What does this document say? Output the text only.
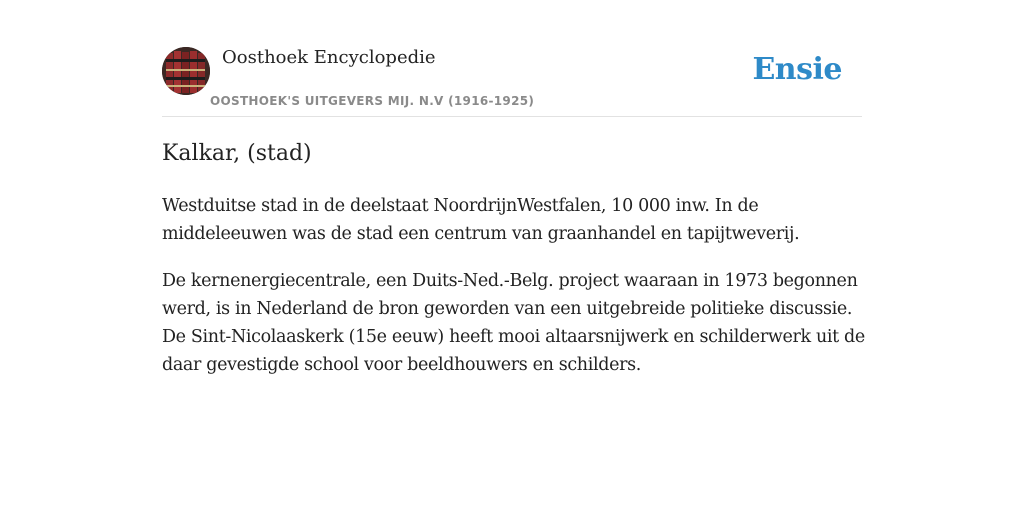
Oosthoek Encyclopedie
OOSTHOEK'S UITGEVERS MIJ. N.V (1916-1925)
Ensie
Kalkar, (stad)

Westduitse stad in de deelstaat NoordrijnWestfalen, 10 000 inw. In de middeleeuwen was de stad een centrum van graanhandel en tapijtweverij.

De kernenergiecentrale, een Duits-Ned.-Belg. project waaraan in 1973 begonnen werd, is in Nederland de bron geworden van een uitgebreide politieke discussie. De Sint-Nicolaaskerk (15e eeuw) heeft mooi altaarsnijwerk en schilderwerk uit de daar gevestigde school voor beeldhouwers en schilders.
